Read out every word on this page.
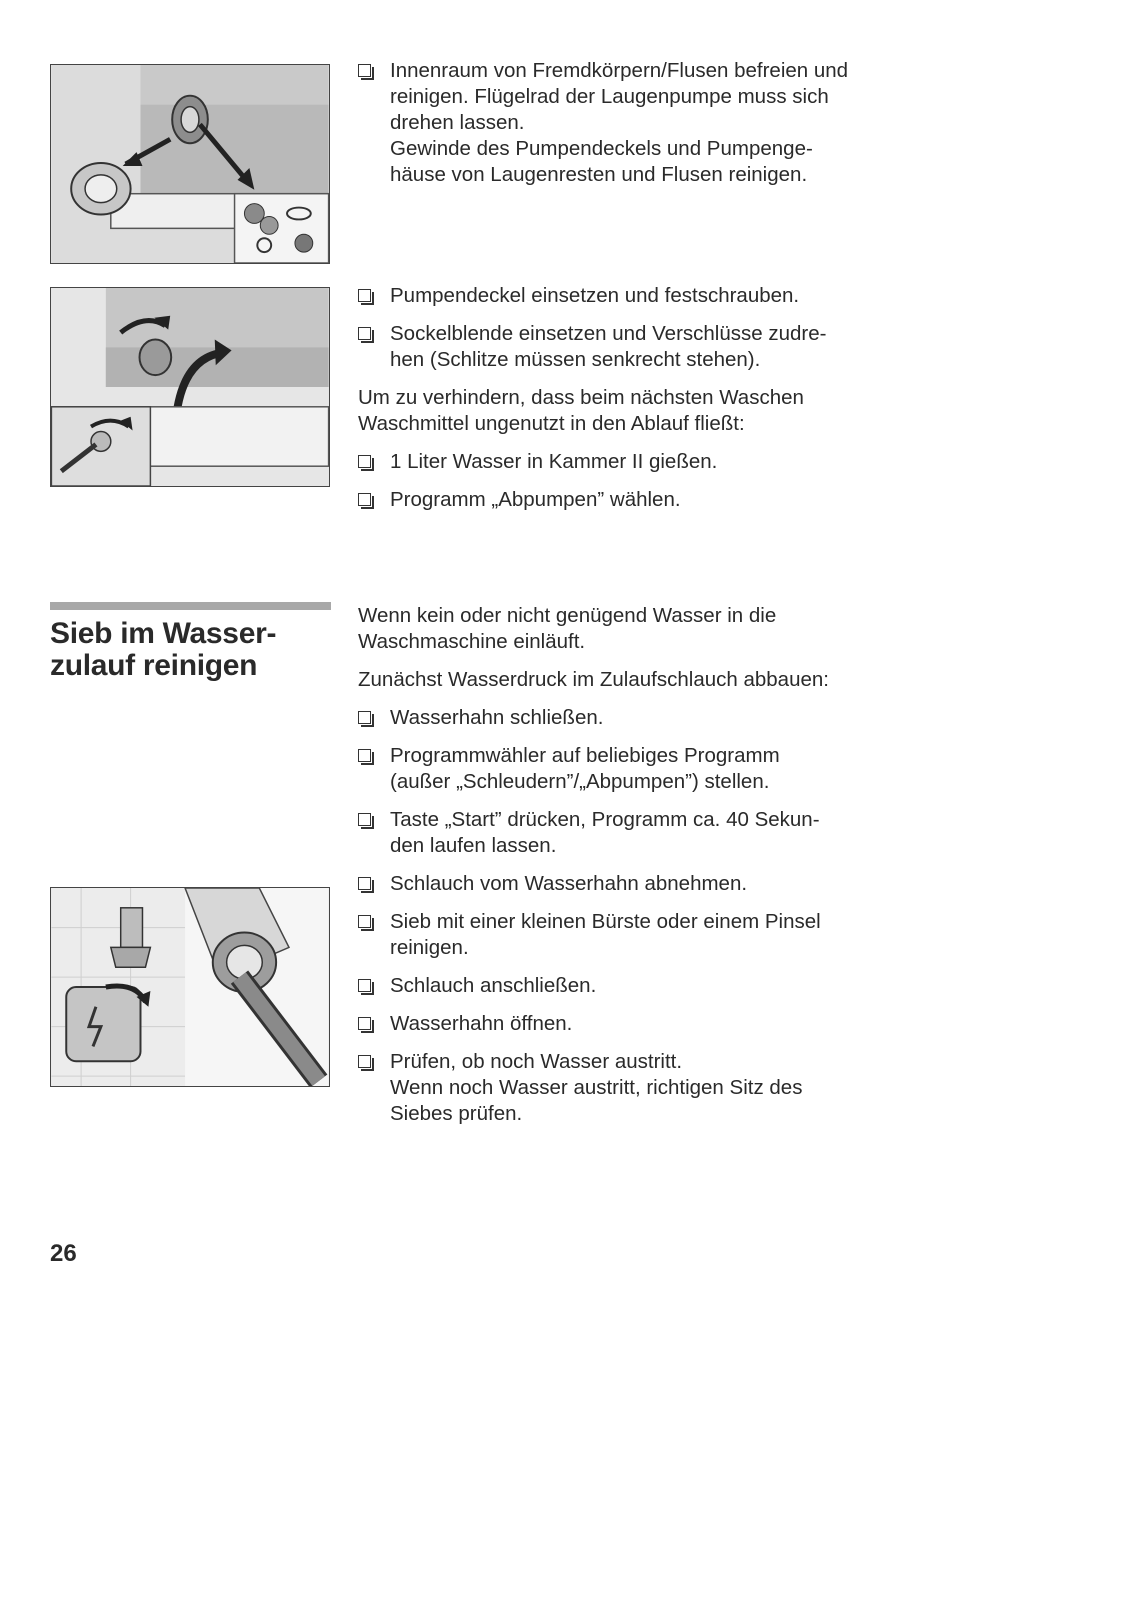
Innenraum von Fremdkörpern/Flusen befreien und
reinigen. Flügelrad der Laugenpumpe muss sich
drehen lassen.
Gewinde des Pumpendeckels und Pumpenge-
häuse von Laugenresten und Flusen reinigen.
Pumpendeckel einsetzen und festschrauben.
Sockelblende einsetzen und Verschlüsse zudre-
hen (Schlitze müssen senkrecht stehen).
Um zu verhindern, dass beim nächsten Waschen
Waschmittel ungenutzt in den Ablauf fließt:
1 Liter Wasser in Kammer II gießen.
Programm „Abpumpen” wählen.
Sieb im Wasser-
zulauf reinigen
Wenn kein oder nicht genügend Wasser in die
Waschmaschine einläuft.
Zunächst Wasserdruck im Zulaufschlauch abbauen:
Wasserhahn schließen.
Programmwähler auf beliebiges Programm
(außer „Schleudern”/„Abpumpen”) stellen.
Taste „Start” drücken, Programm ca. 40 Sekun-
den laufen lassen.
Schlauch vom Wasserhahn abnehmen.
Sieb mit einer kleinen Bürste oder einem Pinsel
reinigen.
Schlauch anschließen.
Wasserhahn öffnen.
Prüfen, ob noch Wasser austritt.
Wenn noch Wasser austritt, richtigen Sitz des
Siebes prüfen.
26
